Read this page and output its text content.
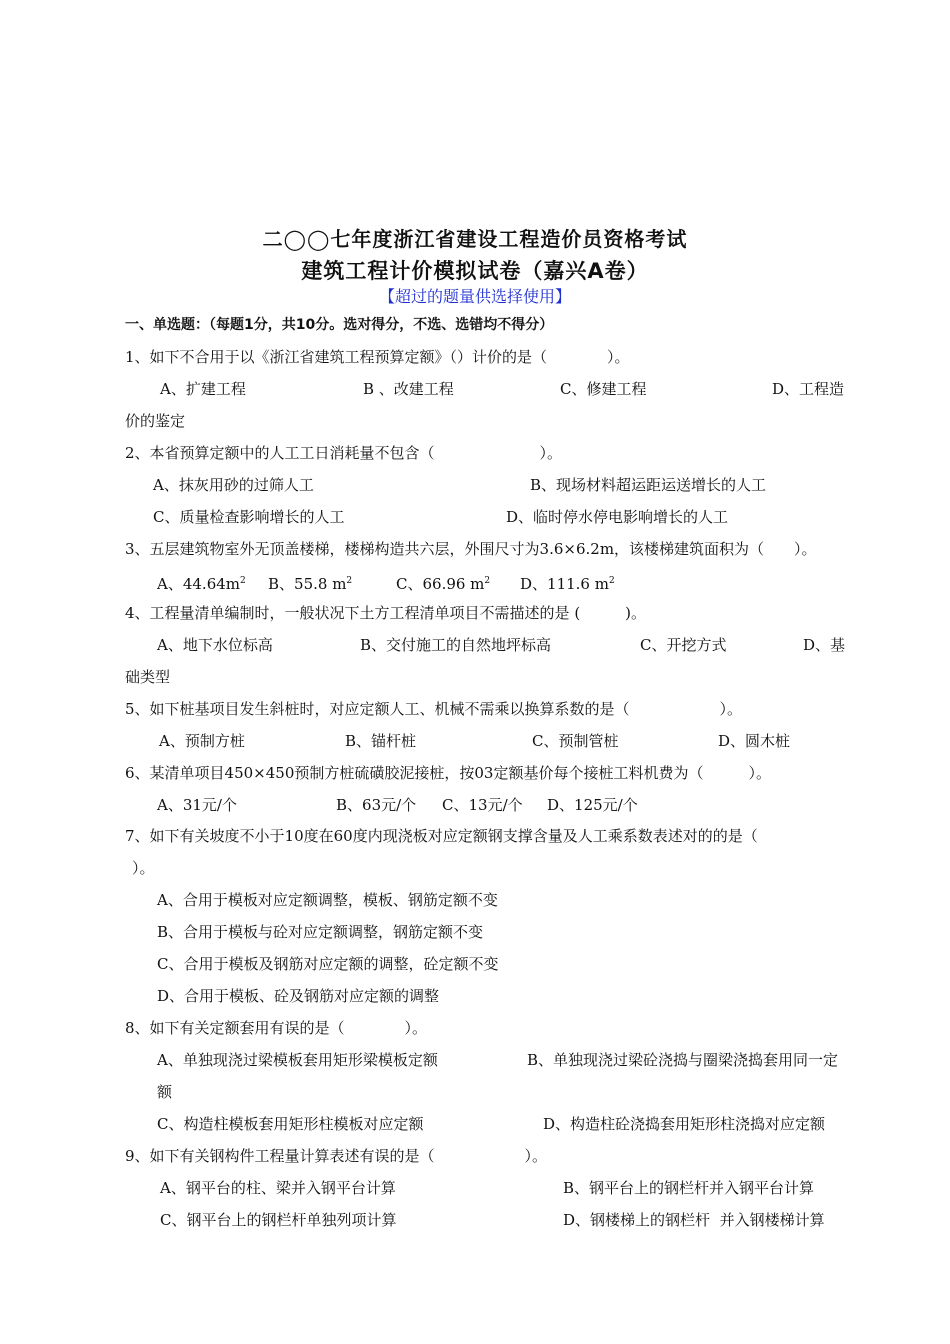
二◯◯七年度浙江省建设工程造价员资格考试
建筑工程计价模拟试卷（嘉兴A卷）
【超过的题量供选择使用】
一、单选题：（每题1分，共10分。选对得分，不选、选错均不得分）
1、如下不合用于以《浙江省建筑工程预算定额》（）计价的是（　　　　）。
A、扩建工程	B 、改建工程	C、修建工程	D、工程造
价的鉴定
2、本省预算定额中的人工工日消耗量不包含（　　　　　　　）。
A、抹灰用砂的过筛人工	B、现场材料超运距运送增长的人工
C、质量检查影响增长的人工	D、临时停水停电影响增长的人工
3、五层建筑物室外无顶盖楼梯，楼梯构造共六层，外围尺寸为3.6×6.2m，该楼梯建筑面积为（　　）。
A、$44.64m^2$ B、55.8 $m^2$	C、66.96 $m^2$ D、111.6 $m^2$
4、工程量清单编制时，一般状况下土方工程清单项目不需描述的是 (　　　)。
A、地下水位标高	B、交付施工的自然地坪标高	C、开挖方式	D、基
础类型
5、如下桩基项目发生斜桩时，对应定额人工、机械不需乘以换算系数的是（　　　　　　）。
A、预制方桩	B、锚杆桩	C、预制管桩	D、圆木桩
6、某清单项目450×450预制方桩硫磺胶泥接桩，按03定额基价每个接桩工料机费为（　　　）。
A、31元/个	B、63元/个 C、13元/个 D、125元/个
7、如下有关坡度不小于10度在60度内现浇板对应定额钢支撑含量及人工乘系数表述对的的是（
）。
A、合用于模板对应定额调整，模板、钢筋定额不变
B、合用于模板与砼对应定额调整，钢筋定额不变
C、合用于模板及钢筋对应定额的调整，砼定额不变
D、合用于模板、砼及钢筋对应定额的调整
8、如下有关定额套用有误的是（　　　　）。
A、单独现浇过梁模板套用矩形梁模板定额	B、单独现浇过梁砼浇捣与圈梁浇捣套用同一定
额
C、构造柱模板套用矩形柱模板对应定额	D、构造柱砼浇捣套用矩形柱浇捣对应定额
9、如下有关钢构件工程量计算表述有误的是（　　　　　　）。
A、钢平台的柱、梁并入钢平台计算	B、钢平台上的钢栏杆并入钢平台计算
C、钢平台上的钢栏杆单独列项计算	D、钢楼梯上的钢栏杆  并入钢楼梯计算
